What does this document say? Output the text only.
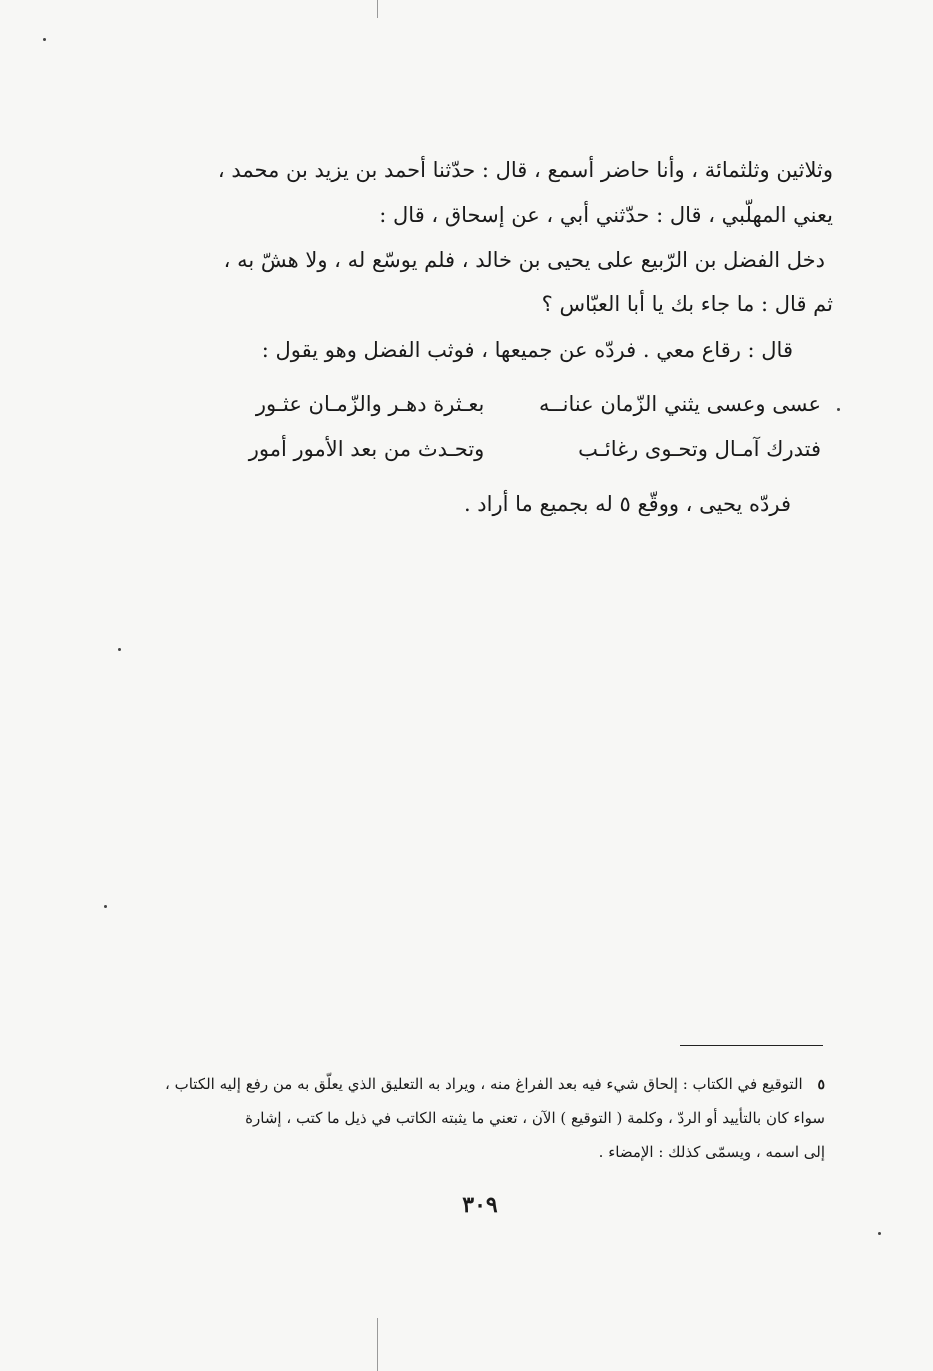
وثلاثين وثلثمائة ، وأنا حاضر أسمع ، قال : حدّثنا أحمد بن يزيد بن محمد ،
يعني المهلّبي ، قال : حدّثني أبي ، عن إسحاق ، قال :
دخل الفضل بن الرّبيع على يحيى بن خالد ، فلم يوسّع له ، ولا هشّ به ،
ثم قال : ما جاء بك يا أبا العبّاس ؟
قال : رقاع معي . فردّه عن جميعها ، فوثب الفضل وهو يقول :
عسى وعسى يثني الزّمان عنانــه بعـثرة دهـر والزّمـان عثـور
فتدرك آمـال وتحـوى رغائـب وتحـدث من بعد الأمور أمور
فردّه يحيى ، ووقّع ٥ له بجميع ما أراد .
٥ التوقيع في الكتاب : إلحاق شيء فيه بعد الفراغ منه ، ويراد به التعليق الذي يعلّق به من رفع إليه الكتاب ،
سواء كان بالتأييد أو الردّ ، وكلمة ( التوقيع ) الآن ، تعني ما يثبته الكاتب في ذيل ما كتب ، إشارة
إلى اسمه ، ويسمّى كذلك : الإمضاء .
٣٠٩
